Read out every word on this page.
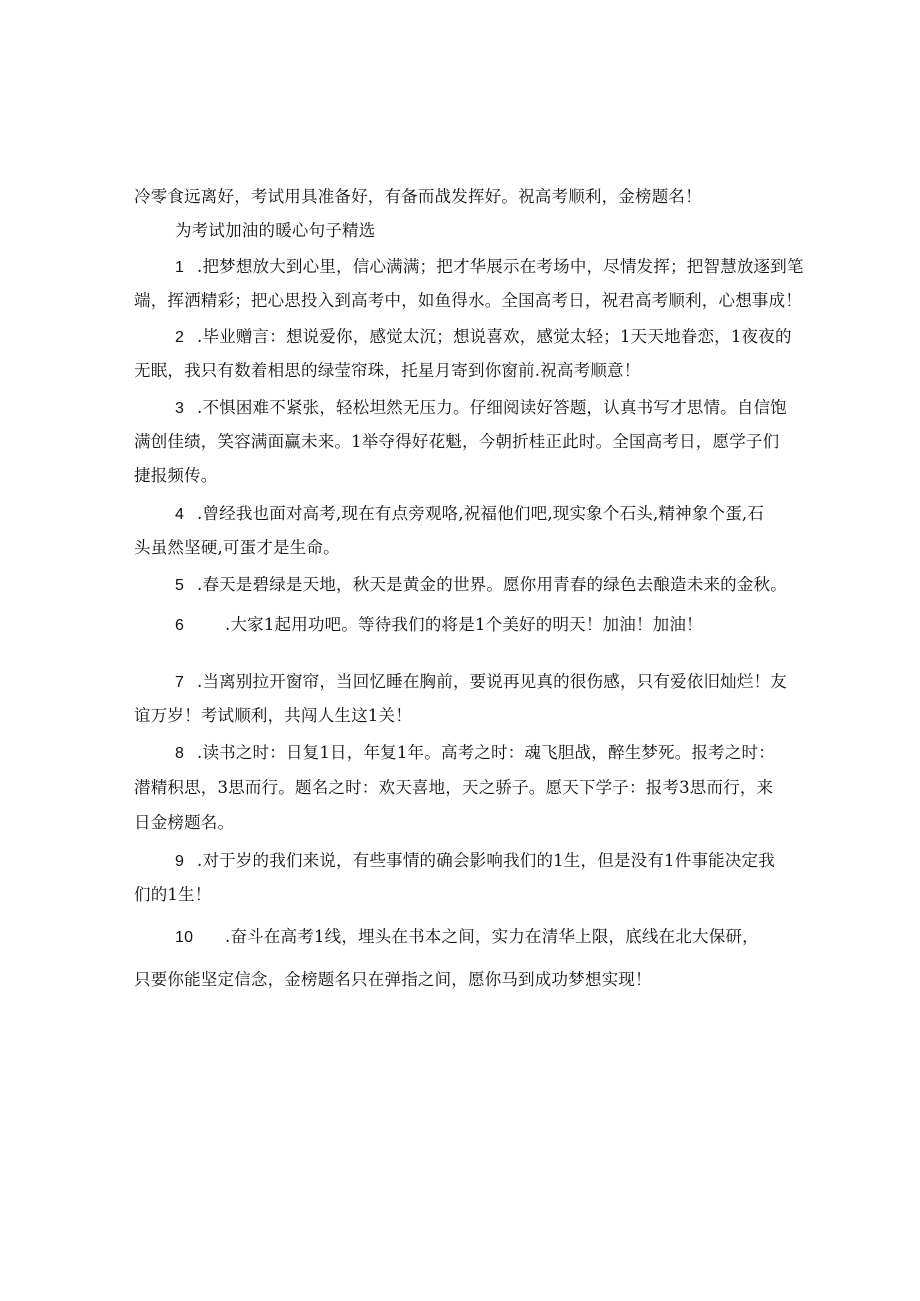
冷零食远离好，考试用具准备好，有备而战发挥好。祝高考顺利，金榜题名！
为考试加油的暖心句子精选
1 .把梦想放大到心里，信心满满；把才华展示在考场中，尽情发挥；把智慧放逐到笔
端，挥洒精彩；把心思投入到高考中，如鱼得水。全国高考日，祝君高考顺利，心想事成！
2 .毕业赠言：想说爱你，感觉太沉；想说喜欢，感觉太轻；1天天地眷恋，1夜夜的
无眠，我只有数着相思的绿莹帘珠，托星月寄到你窗前.祝高考顺意！
3 .不惧困难不紧张，轻松坦然无压力。仔细阅读好答题，认真书写才思情。自信饱
满创佳绩，笑容满面赢未来。1举夺得好花魁，今朝折桂正此时。全国高考日，愿学子们
捷报频传。
4 .曾经我也面对高考,现在有点旁观咯,祝福他们吧,现实象个石头,精神象个蛋,石
头虽然坚硬,可蛋才是生命。
5 .春天是碧绿是天地，秋天是黄金的世界。愿你用青春的绿色去酿造未来的金秋。
6 .大家1起用功吧。等待我们的将是1个美好的明天！加油！加油！
7 .当离别拉开窗帘，当回忆睡在胸前，要说再见真的很伤感，只有爱依旧灿烂！友
谊万岁！考试顺利，共闯人生这1关！
8 .读书之时：日复1日，年复1年。高考之时：魂飞胆战，醉生梦死。报考之时：
潜精积思，3思而行。题名之时：欢天喜地，天之骄子。愿天下学子：报考3思而行，来
日金榜题名。
9 .对于岁的我们来说，有些事情的确会影响我们的1生，但是没有1件事能决定我
们的1生！
10 .奋斗在高考1线，埋头在书本之间，实力在清华上限，底线在北大保研，
只要你能坚定信念，金榜题名只在弹指之间，愿你马到成功梦想实现！
